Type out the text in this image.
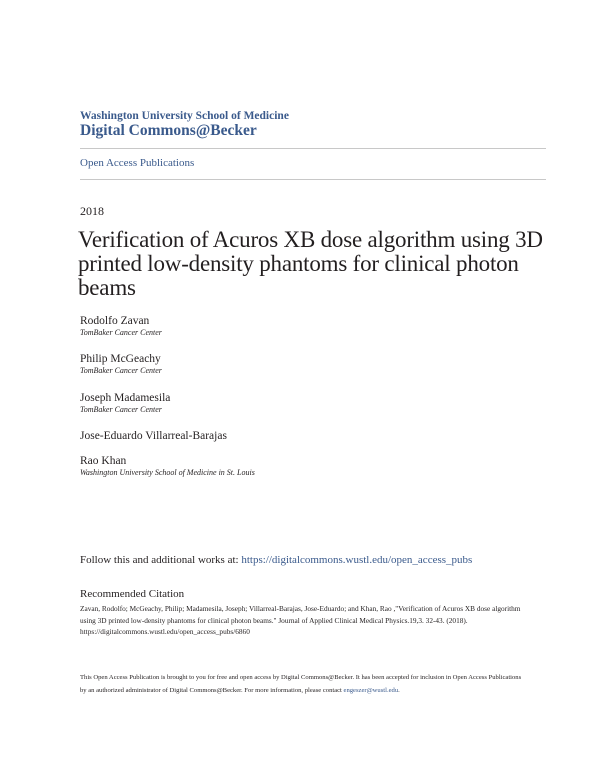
Washington University School of Medicine
Digital Commons@Becker
Open Access Publications
2018
Verification of Acuros XB dose algorithm using 3D printed low-density phantoms for clinical photon beams
Rodolfo Zavan
TomBaker Cancer Center
Philip McGeachy
TomBaker Cancer Center
Joseph Madamesila
TomBaker Cancer Center
Jose-Eduardo Villarreal-Barajas
Rao Khan
Washington University School of Medicine in St. Louis
Follow this and additional works at: https://digitalcommons.wustl.edu/open_access_pubs
Recommended Citation
Zavan, Rodolfo; McGeachy, Philip; Madamesila, Joseph; Villarreal-Barajas, Jose-Eduardo; and Khan, Rao ,"Verification of Acuros XB dose algorithm using 3D printed low-density phantoms for clinical photon beams." Journal of Applied Clinical Medical Physics.19,3. 32-43. (2018).
https://digitalcommons.wustl.edu/open_access_pubs/6860
This Open Access Publication is brought to you for free and open access by Digital Commons@Becker. It has been accepted for inclusion in Open Access Publications by an authorized administrator of Digital Commons@Becker. For more information, please contact engeszer@wustl.edu.
